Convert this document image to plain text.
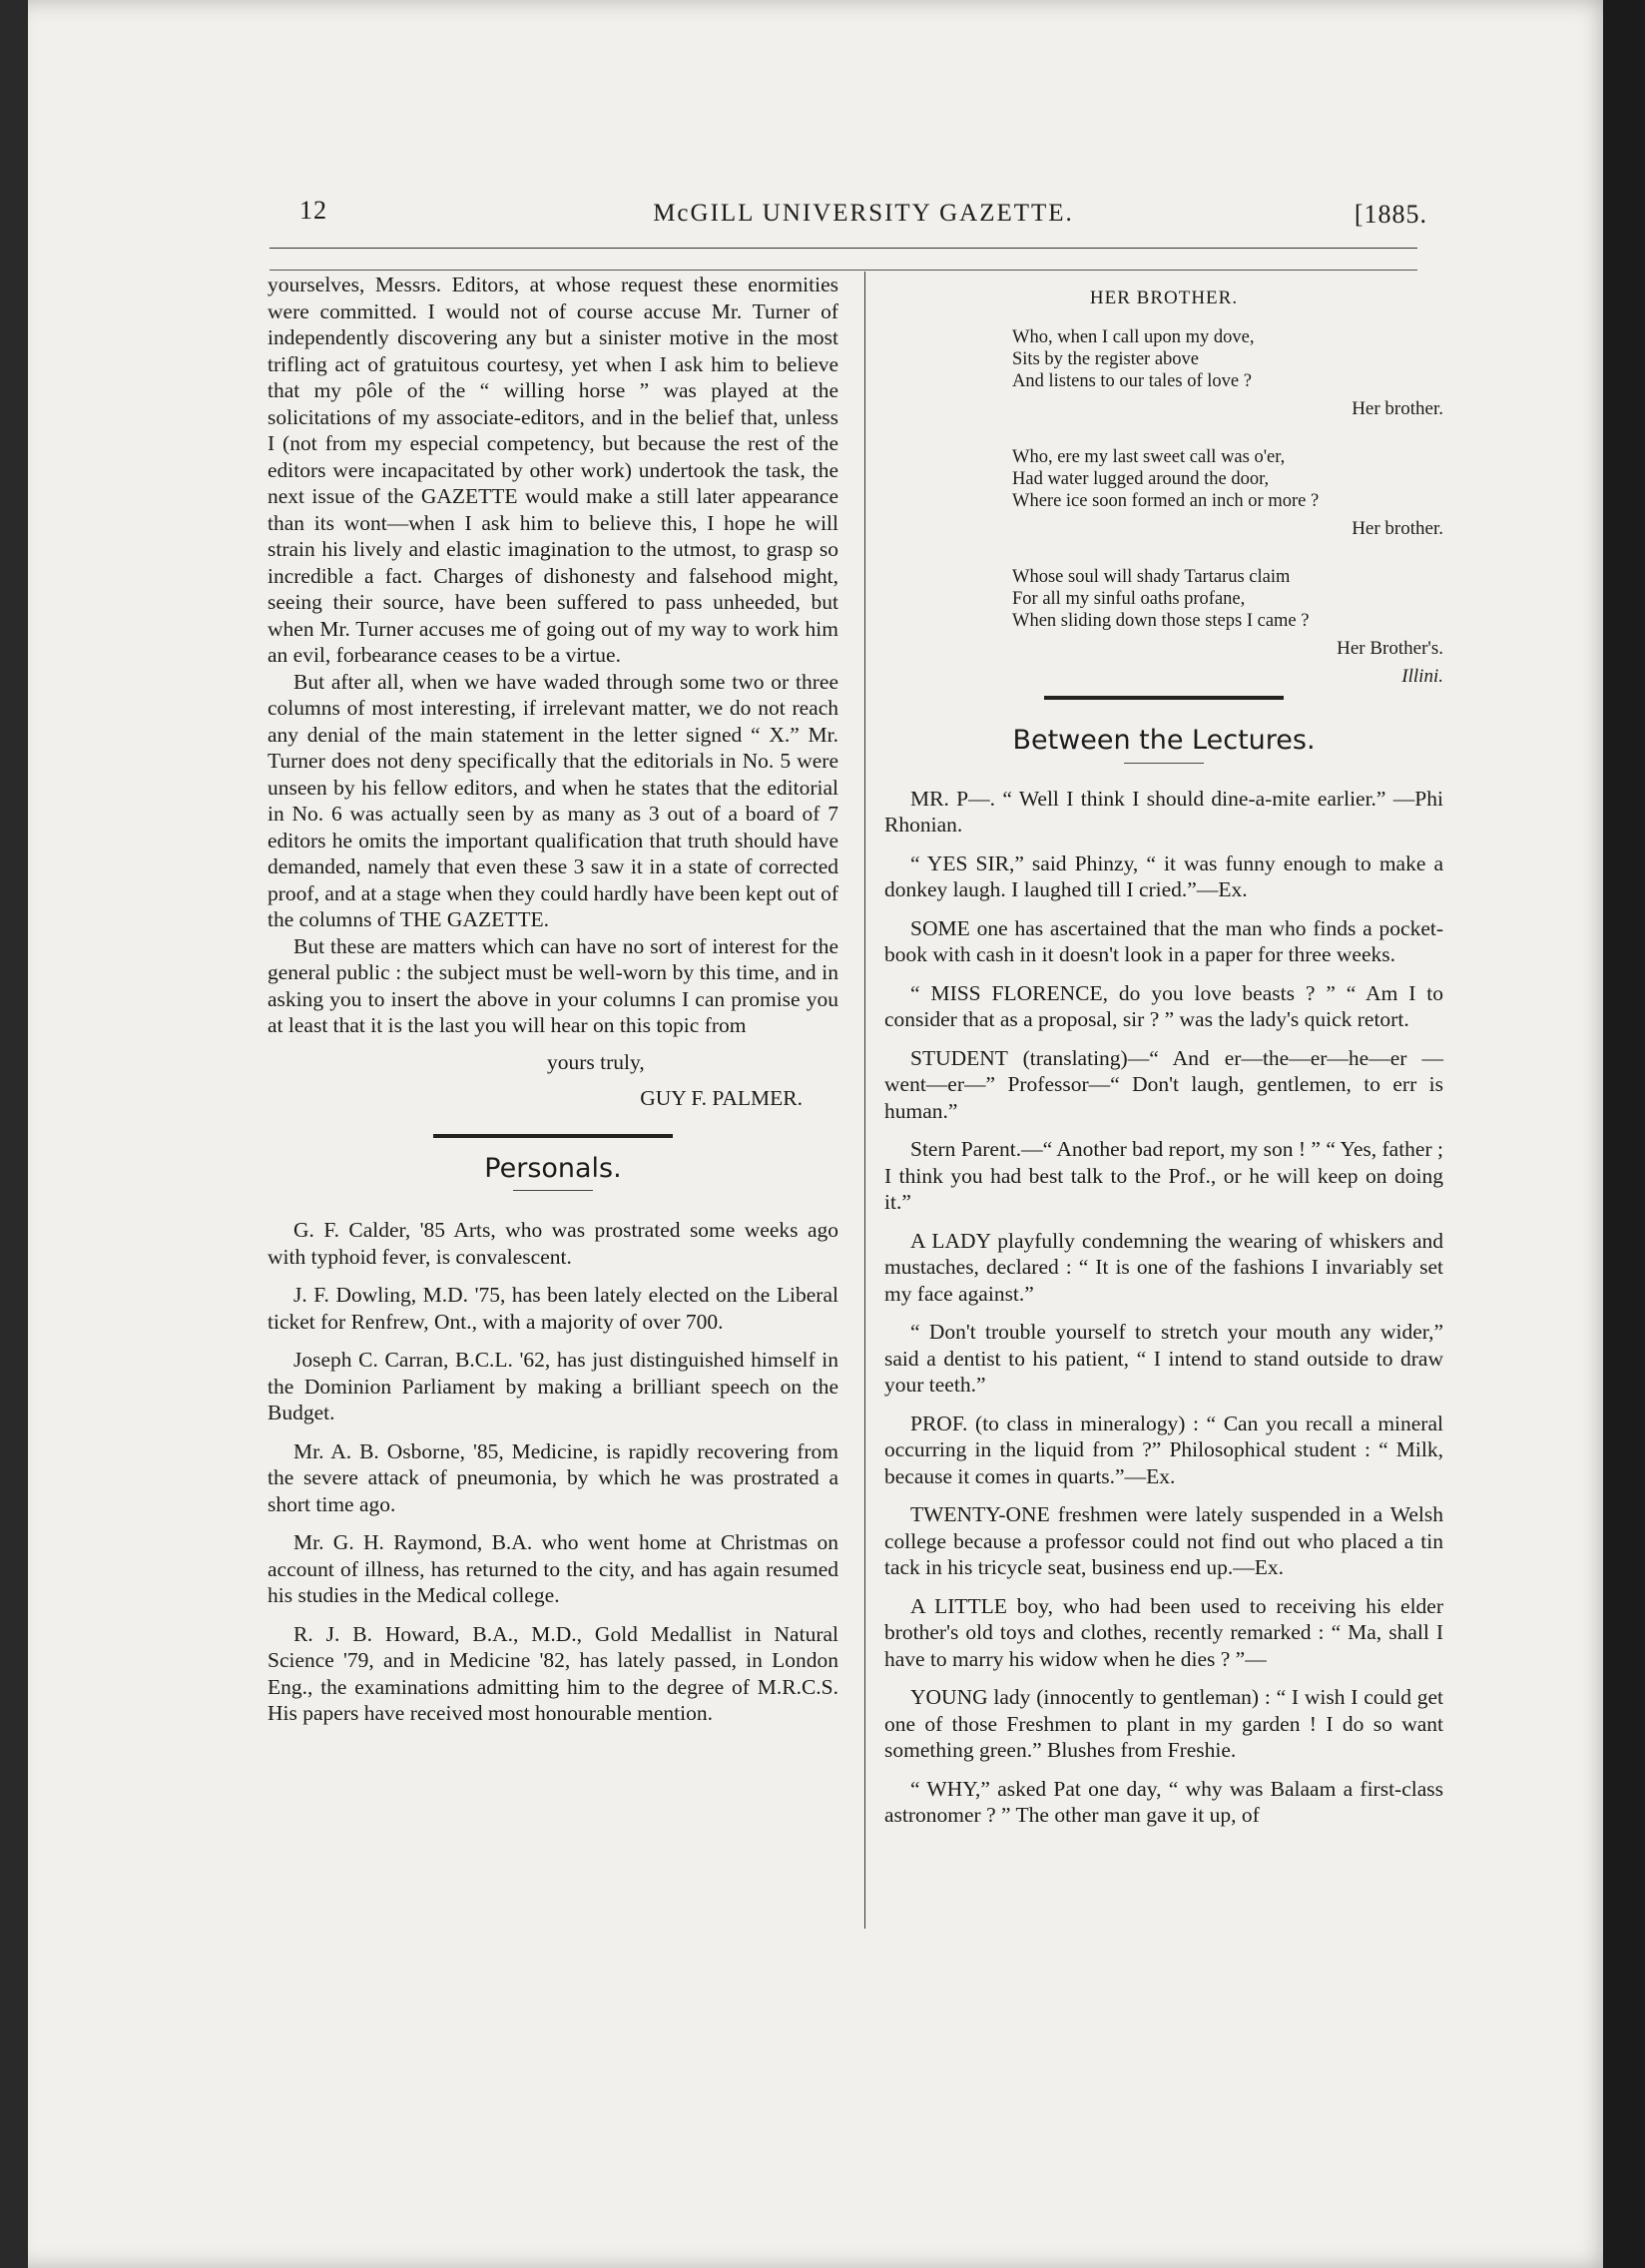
12	McGILL UNIVERSITY GAZETTE.	[1885.

yourselves, Messrs. Editors, at whose request these enormities were committed. I would not of course accuse Mr. Turner of independently discovering any but a sinister motive in the most trifling act of gratuitous courtesy, yet when I ask him to believe that my pôle of the “ willing horse ” was played at the solicitations of my associate-editors, and in the belief that, unless I (not from my especial competency, but because the rest of the editors were incapacitated by other work) undertook the task, the next issue of the GAZETTE would make a still later appearance than its wont—when I ask him to believe this, I hope he will strain his lively and elastic imagination to the utmost, to grasp so incredible a fact. Charges of dishonesty and falsehood might, seeing their source, have been suffered to pass unheeded, but when Mr. Turner accuses me of going out of my way to work him an evil, forbearance ceases to be a virtue.

But after all, when we have waded through some two or three columns of most interesting, if irrelevant matter, we do not reach any denial of the main statement in the letter signed “ X.” Mr. Turner does not deny specifically that the editorials in No. 5 were unseen by his fellow editors, and when he states that the editorial in No. 6 was actually seen by as many as 3 out of a board of 7 editors he omits the important qualification that truth should have demanded, namely that even these 3 saw it in a state of corrected proof, and at a stage when they could hardly have been kept out of the columns of THE GAZETTE.

But these are matters which can have no sort of interest for the general public : the subject must be well-worn by this time, and in asking you to insert the above in your columns I can promise you at least that it is the last you will hear on this topic from

yours truly,

GUY F. PALMER.

Personals.

G. F. Calder, '85 Arts, who was prostrated some weeks ago with typhoid fever, is convalescent.

J. F. Dowling, M.D. '75, has been lately elected on the Liberal ticket for Renfrew, Ont., with a majority of over 700.

Joseph C. Carran, B.C.L. '62, has just distinguished himself in the Dominion Parliament by making a brilliant speech on the Budget.

Mr. A. B. Osborne, '85, Medicine, is rapidly recovering from the severe attack of pneumonia, by which he was prostrated a short time ago.

Mr. G. H. Raymond, B.A. who went home at Christmas on account of illness, has returned to the city, and has again resumed his studies in the Medical college.

R. J. B. Howard, B.A., M.D., Gold Medallist in Natural Science '79, and in Medicine '82, has lately passed, in London Eng., the examinations admitting him to the degree of M.R.C.S. His papers have received most honourable mention.

HER BROTHER.

Who, when I call upon my dove,

Sits by the register above

And listens to our tales of love ?

Her brother.

Who, ere my last sweet call was o'er,

Had water lugged around the door,

Where ice soon formed an inch or more ?

Her brother.

Whose soul will shady Tartarus claim

For all my sinful oaths profane,

When sliding down those steps I came ?

Her Brother's.

Illini.
Between the Lectures.

MR. P—. “ Well I think I should dine-a-mite earlier.” —Phi Rhonian.

“ YES SIR,” said Phinzy, “ it was funny enough to make a donkey laugh. I laughed till I cried.”—Ex.

SOME one has ascertained that the man who finds a pocket-book with cash in it doesn't look in a paper for three weeks.

“ MISS FLORENCE, do you love beasts ? ” “ Am I to consider that as a proposal, sir ? ” was the lady's quick retort.

STUDENT (translating)—“ And er—the—er—he—er —went—er—” Professor—“ Don't laugh, gentlemen, to err is human.”

Stern Parent.—“ Another bad report, my son ! ” “ Yes, father ; I think you had best talk to the Prof., or he will keep on doing it.”

A LADY playfully condemning the wearing of whiskers and mustaches, declared : “ It is one of the fashions I invariably set my face against.”

“ Don't trouble yourself to stretch your mouth any wider,” said a dentist to his patient, “ I intend to stand outside to draw your teeth.”

PROF. (to class in mineralogy) : “ Can you recall a mineral occurring in the liquid from ?” Philosophical student : “ Milk, because it comes in quarts.”—Ex.

TWENTY-ONE freshmen were lately suspended in a Welsh college because a professor could not find out who placed a tin tack in his tricycle seat, business end up.—Ex.

A LITTLE boy, who had been used to receiving his elder brother's old toys and clothes, recently remarked : “ Ma, shall I have to marry his widow when he dies ? ”—

YOUNG lady (innocently to gentleman) : “ I wish I could get one of those Freshmen to plant in my garden ! I do so want something green.” Blushes from Freshie.

“ WHY,” asked Pat one day, “ why was Balaam a first-class astronomer ? ” The other man gave it up, of
